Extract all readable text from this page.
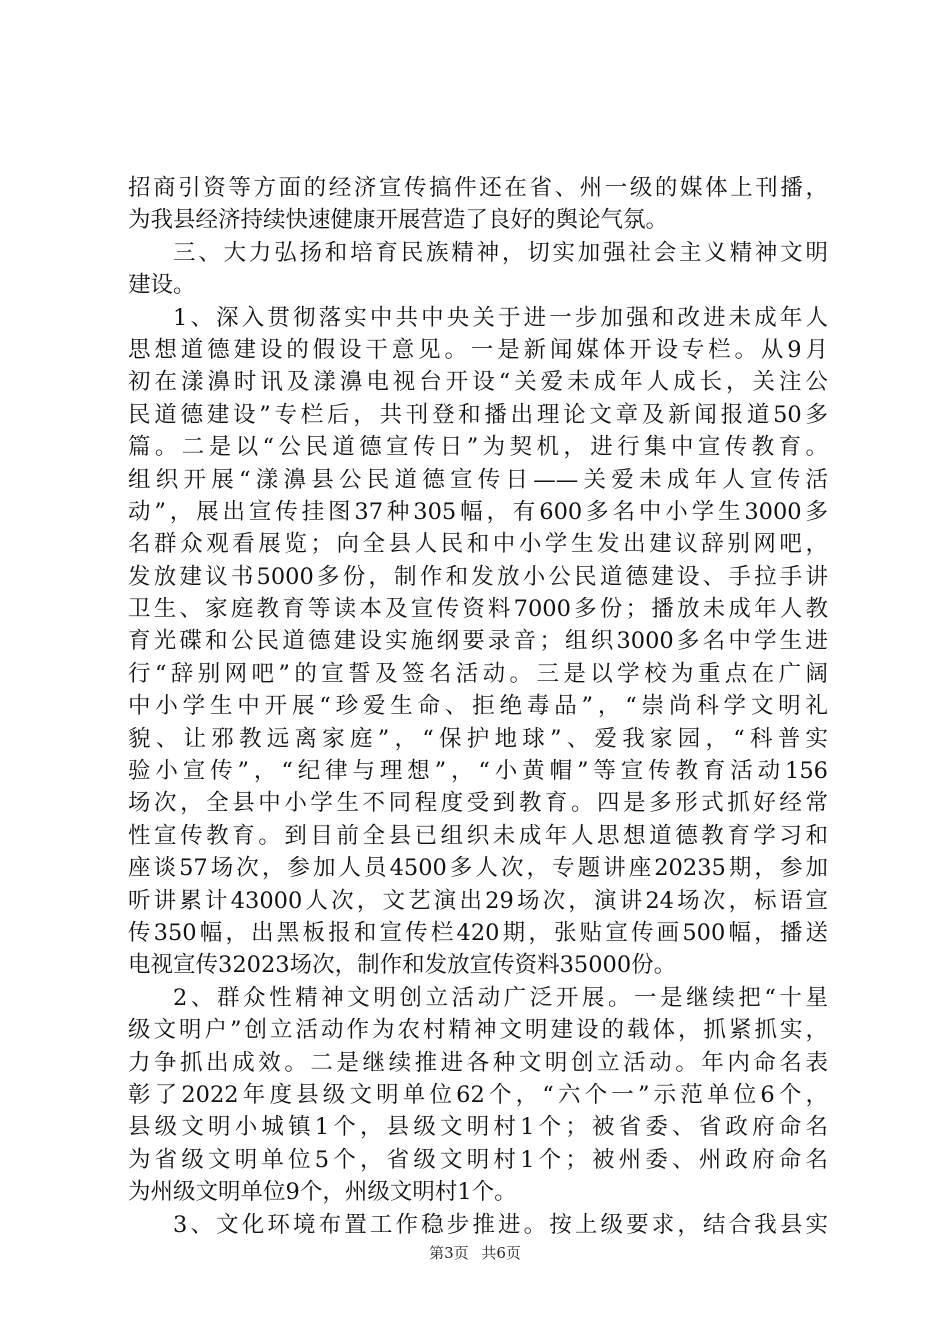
招商引资等方面的经济宣传搞件还在省、州一级的媒体上刊播，
为我县经济持续快速健康开展营造了良好的舆论气氛。
三、大力弘扬和培育民族精神，切实加强社会主义精神文明
建设。
1、深入贯彻落实中共中央关于进一步加强和改进未成年人
思想道德建设的假设干意见。一是新闻媒体开设专栏。从9月
初在漾濞时讯及漾濞电视台开设“关爱未成年人成长，关注公
民道德建设”专栏后，共刊登和播出理论文章及新闻报道50多
篇。二是以“公民道德宣传日”为契机，进行集中宣传教育。
组织开展“漾濞县公民道德宣传日——关爱未成年人宣传活
动”，展出宣传挂图37种305幅，有600多名中小学生3000多
名群众观看展览；向全县人民和中小学生发出建议辞别网吧，
发放建议书5000多份，制作和发放小公民道德建设、手拉手讲
卫生、家庭教育等读本及宣传资料7000多份；播放未成年人教
育光碟和公民道德建设实施纲要录音；组织3000多名中学生进
行“辞别网吧”的宣誓及签名活动。三是以学校为重点在广阔
中小学生中开展“珍爱生命、拒绝毒品”，“崇尚科学文明礼
貌、让邪教远离家庭”，“保护地球”、爱我家园，“科普实
验小宣传”，“纪律与理想”，“小黄帽”等宣传教育活动156
场次，全县中小学生不同程度受到教育。四是多形式抓好经常
性宣传教育。到目前全县已组织未成年人思想道德教育学习和
座谈57场次，参加人员4500多人次，专题讲座20235期，参加
听讲累计43000人次，文艺演出29场次，演讲24场次，标语宣
传350幅，出黑板报和宣传栏420期，张贴宣传画500幅，播送
电视宣传32023场次，制作和发放宣传资料35000份。
2、群众性精神文明创立活动广泛开展。一是继续把“十星
级文明户”创立活动作为农村精神文明建设的载体，抓紧抓实，
力争抓出成效。二是继续推进各种文明创立活动。年内命名表
彰了2022年度县级文明单位62个，“六个一”示范单位6个，
县级文明小城镇1个，县级文明村1个；被省委、省政府命名
为省级文明单位5个，省级文明村1个；被州委、州政府命名
为州级文明单位9个，州级文明村1个。
3、文化环境布置工作稳步推进。按上级要求，结合我县实
第3页 共6页
